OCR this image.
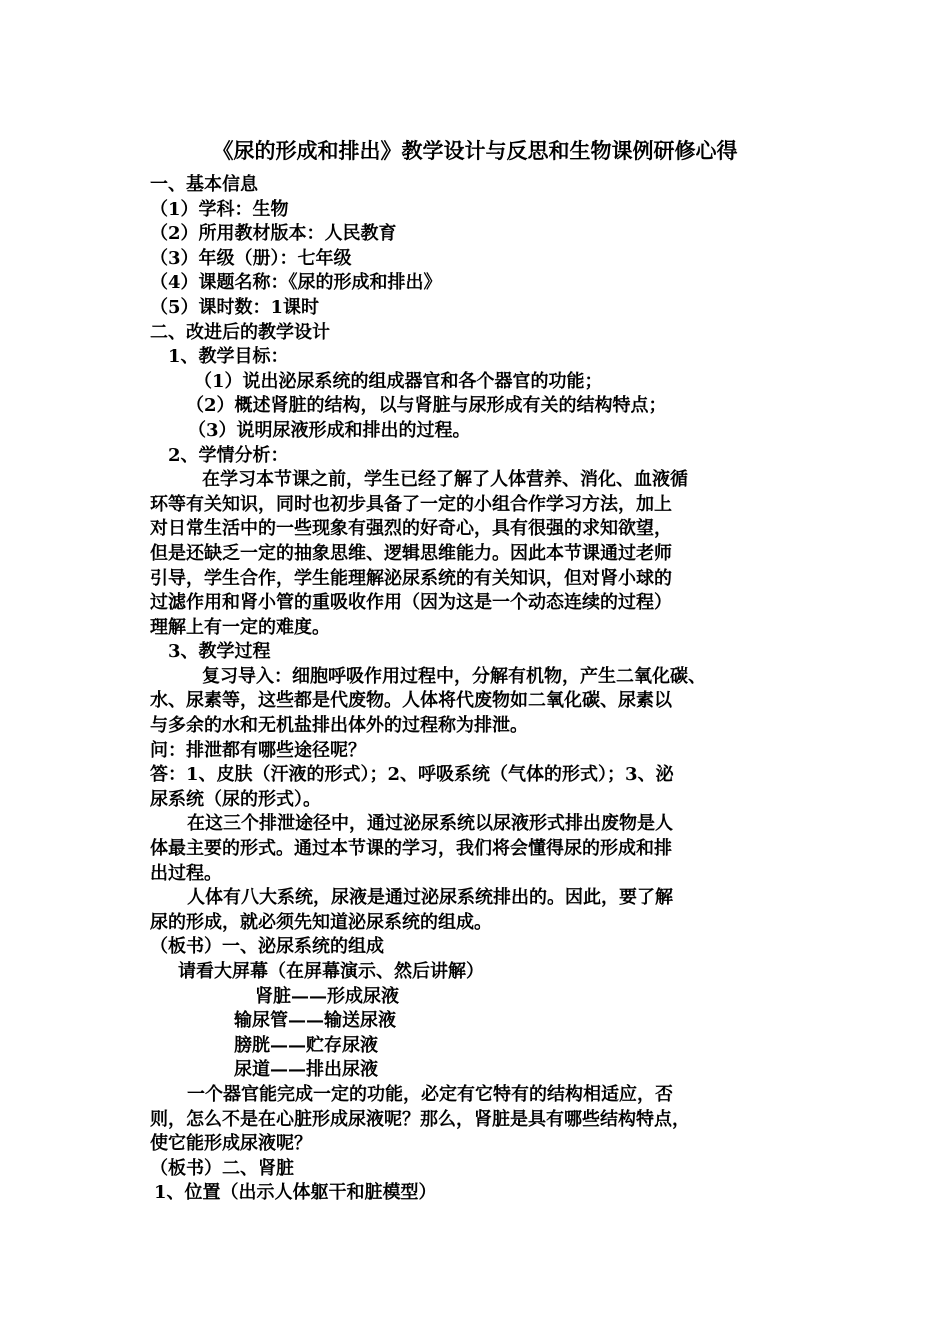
《尿的形成和排出》教学设计与反思和生物课例研修心得
一、基本信息
（1）学科：生物
（2）所用教材版本：人民教育
（3）年级（册）：七年级
（4）课题名称：《尿的形成和排出》
（5）课时数：1课时
二、改进后的教学设计
1、教学目标：
（1）说出泌尿系统的组成器官和各个器官的功能；
（2）概述肾脏的结构，以与肾脏与尿形成有关的结构特点；
（3）说明尿液形成和排出的过程。
2、学情分析：
在学习本节课之前，学生已经了解了人体营养、消化、血液循
环等有关知识，同时也初步具备了一定的小组合作学习方法，加上
对日常生活中的一些现象有强烈的好奇心，具有很强的求知欲望，
但是还缺乏一定的抽象思维、逻辑思维能力。因此本节课通过老师
引导，学生合作，学生能理解泌尿系统的有关知识，但对肾小球的
过滤作用和肾小管的重吸收作用（因为这是一个动态连续的过程）
理解上有一定的难度。
3、教学过程
复习导入：细胞呼吸作用过程中，分解有机物，产生二氧化碳、
水、尿素等，这些都是代废物。人体将代废物如二氧化碳、尿素以
与多余的水和无机盐排出体外的过程称为排泄。
问：排泄都有哪些途径呢？
答：1、皮肤（汗液的形式）；2、呼吸系统（气体的形式）；3、泌
尿系统（尿的形式）。
在这三个排泄途径中，通过泌尿系统以尿液形式排出废物是人
体最主要的形式。通过本节课的学习，我们将会懂得尿的形成和排
出过程。
人体有八大系统，尿液是通过泌尿系统排出的。因此，要了解
尿的形成，就必须先知道泌尿系统的组成。
（板书）一、泌尿系统的组成
请看大屏幕（在屏幕演示、然后讲解）
肾脏——形成尿液
输尿管——输送尿液
膀胱——贮存尿液
尿道——排出尿液
一个器官能完成一定的功能，必定有它特有的结构相适应，否
则，怎么不是在心脏形成尿液呢？那么，肾脏是具有哪些结构特点，
使它能形成尿液呢？
（板书）二、肾脏
1、位置（出示人体躯干和脏模型）
